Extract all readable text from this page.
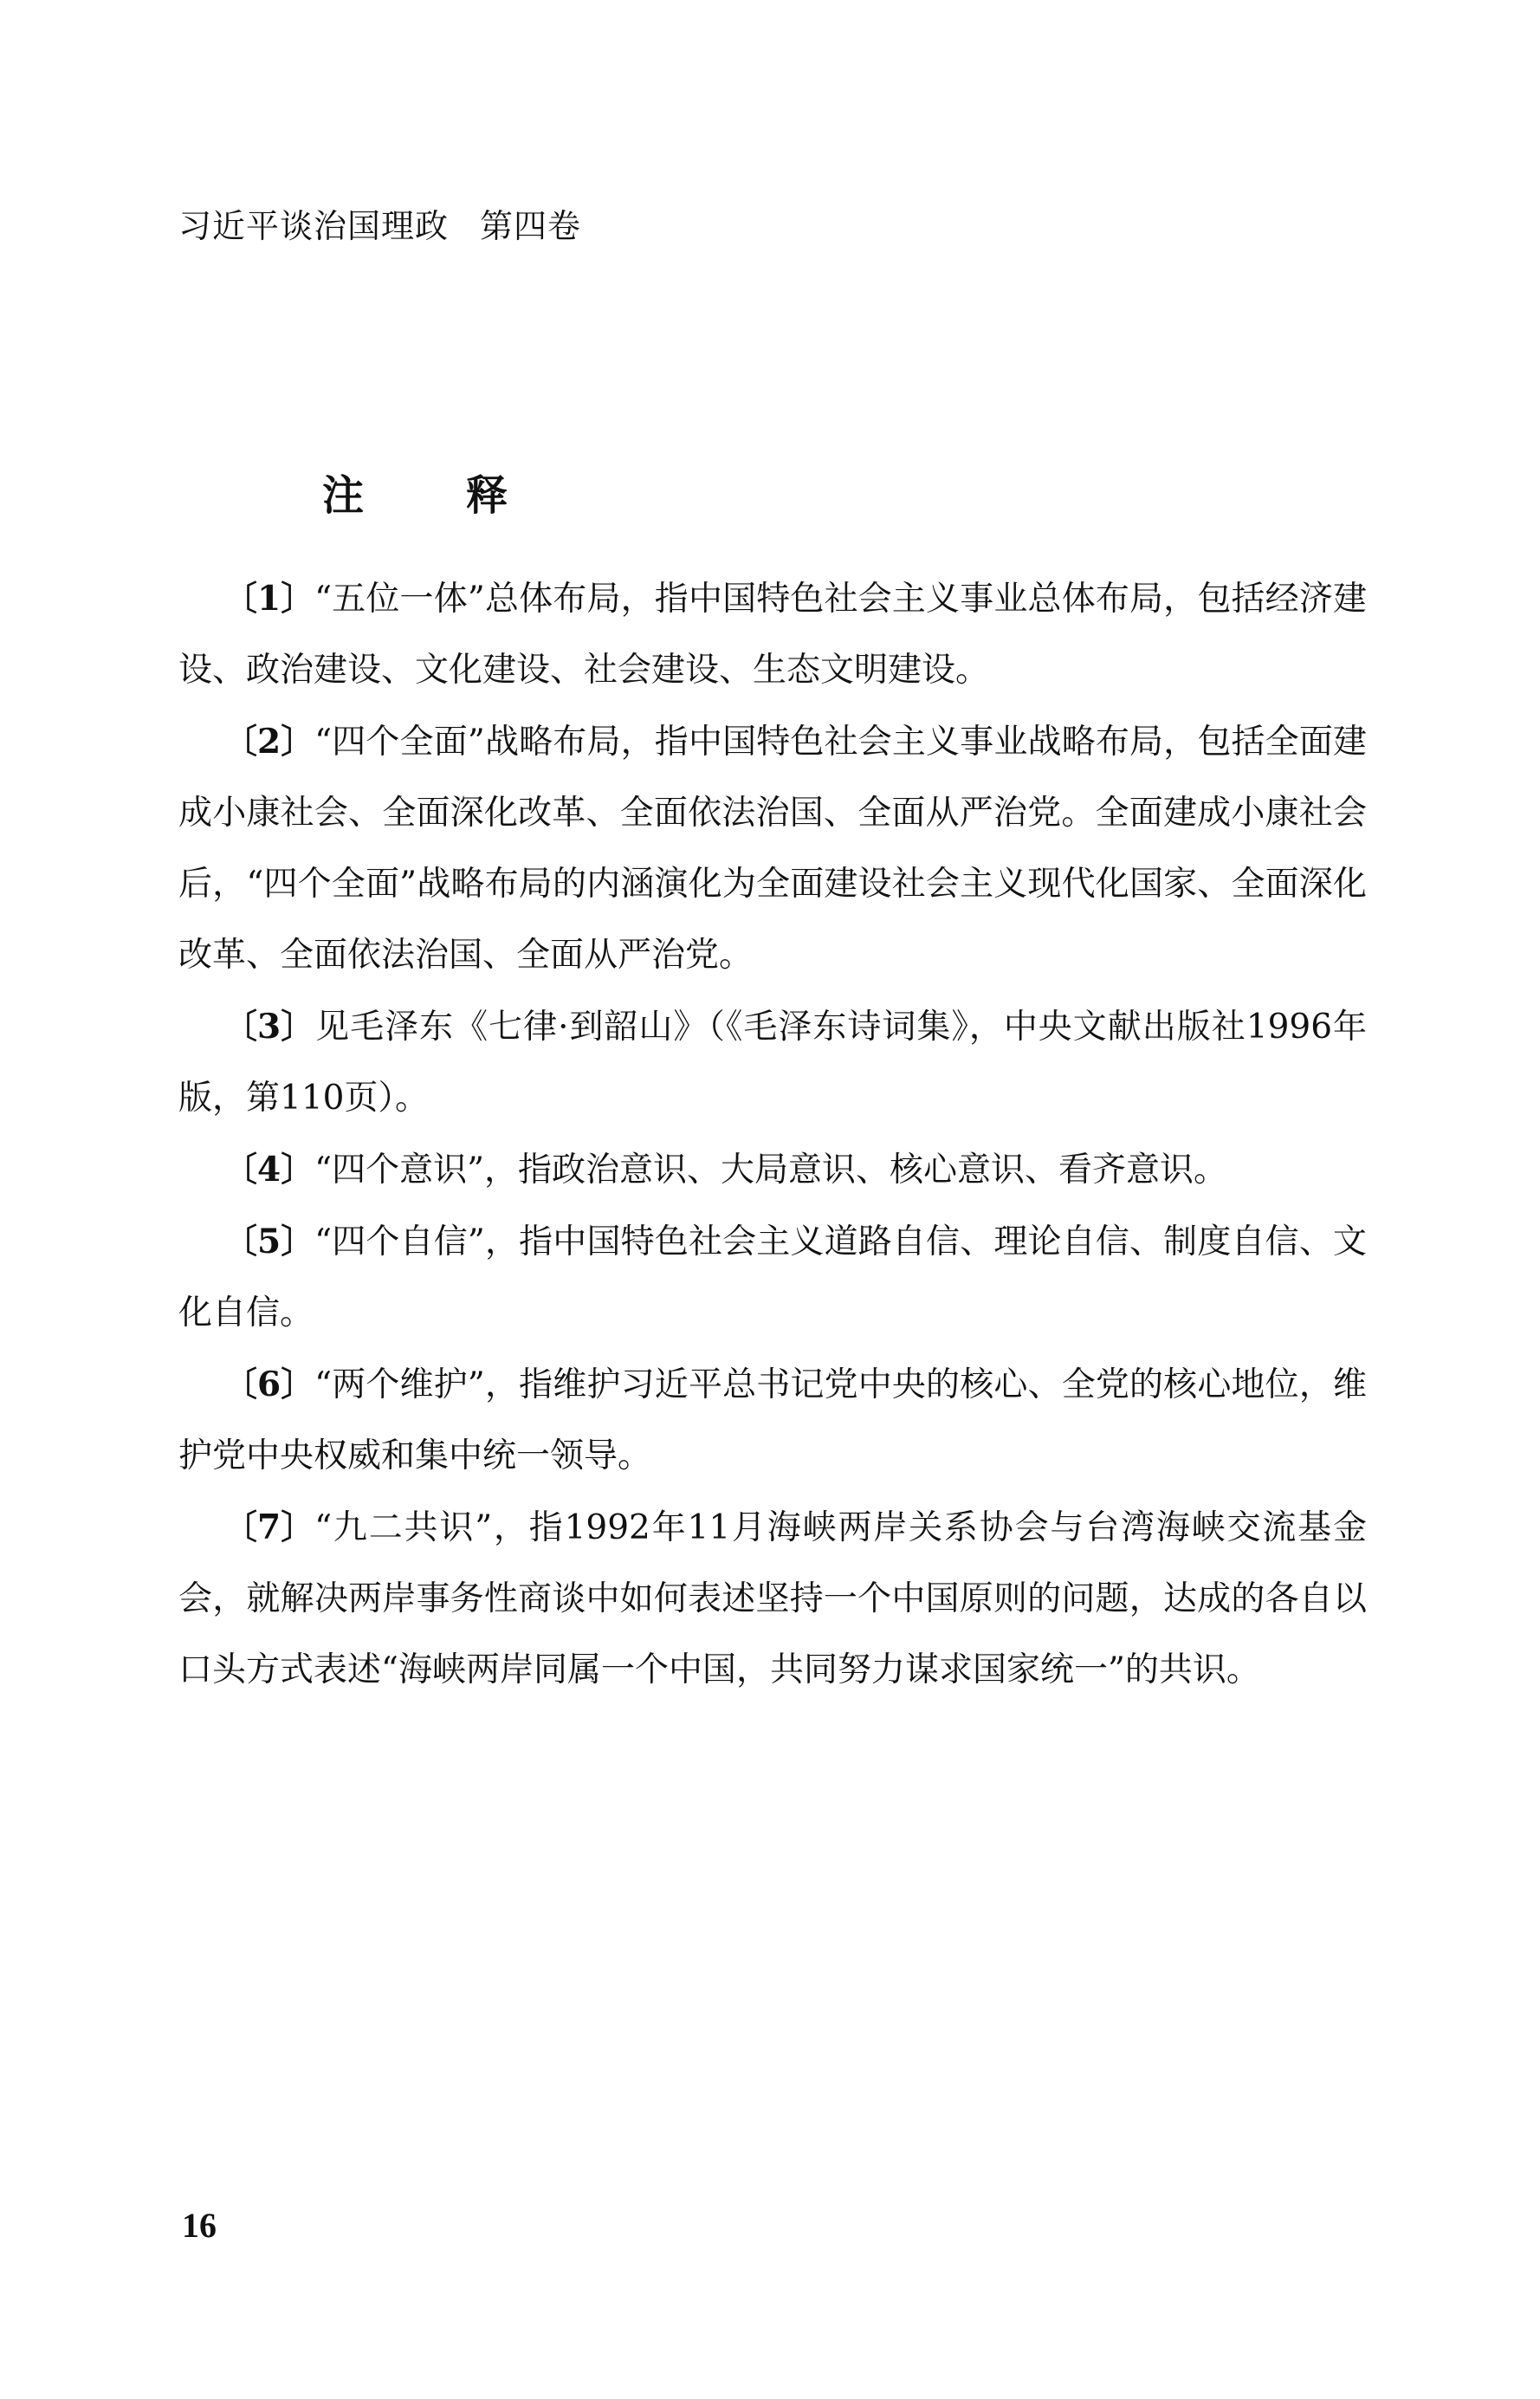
习近平谈治国理政 第四卷
注释

〔1〕“五位一体”总体布局，指中国特色社会主义事业总体布局，包括经济建设、政治建设、文化建设、社会建设、生态文明建设。

〔2〕“四个全面”战略布局，指中国特色社会主义事业战略布局，包括全面建成小康社会、全面深化改革、全面依法治国、全面从严治党。全面建成小康社会后，“四个全面”战略布局的内涵演化为全面建设社会主义现代化国家、全面深化改革、全面依法治国、全面从严治党。

〔3〕见毛泽东《七律·到韶山》（《毛泽东诗词集》，中央文献出版社1996年版，第110页）。

〔4〕“四个意识”，指政治意识、大局意识、核心意识、看齐意识。

〔5〕“四个自信”，指中国特色社会主义道路自信、理论自信、制度自信、文化自信。

〔6〕“两个维护”，指维护习近平总书记党中央的核心、全党的核心地位，维护党中央权威和集中统一领导。

〔7〕“九二共识”，指1992年11月海峡两岸关系协会与台湾海峡交流基金会，就解决两岸事务性商谈中如何表述坚持一个中国原则的问题，达成的各自以口头方式表述“海峡两岸同属一个中国，共同努力谋求国家统一”的共识。

16
